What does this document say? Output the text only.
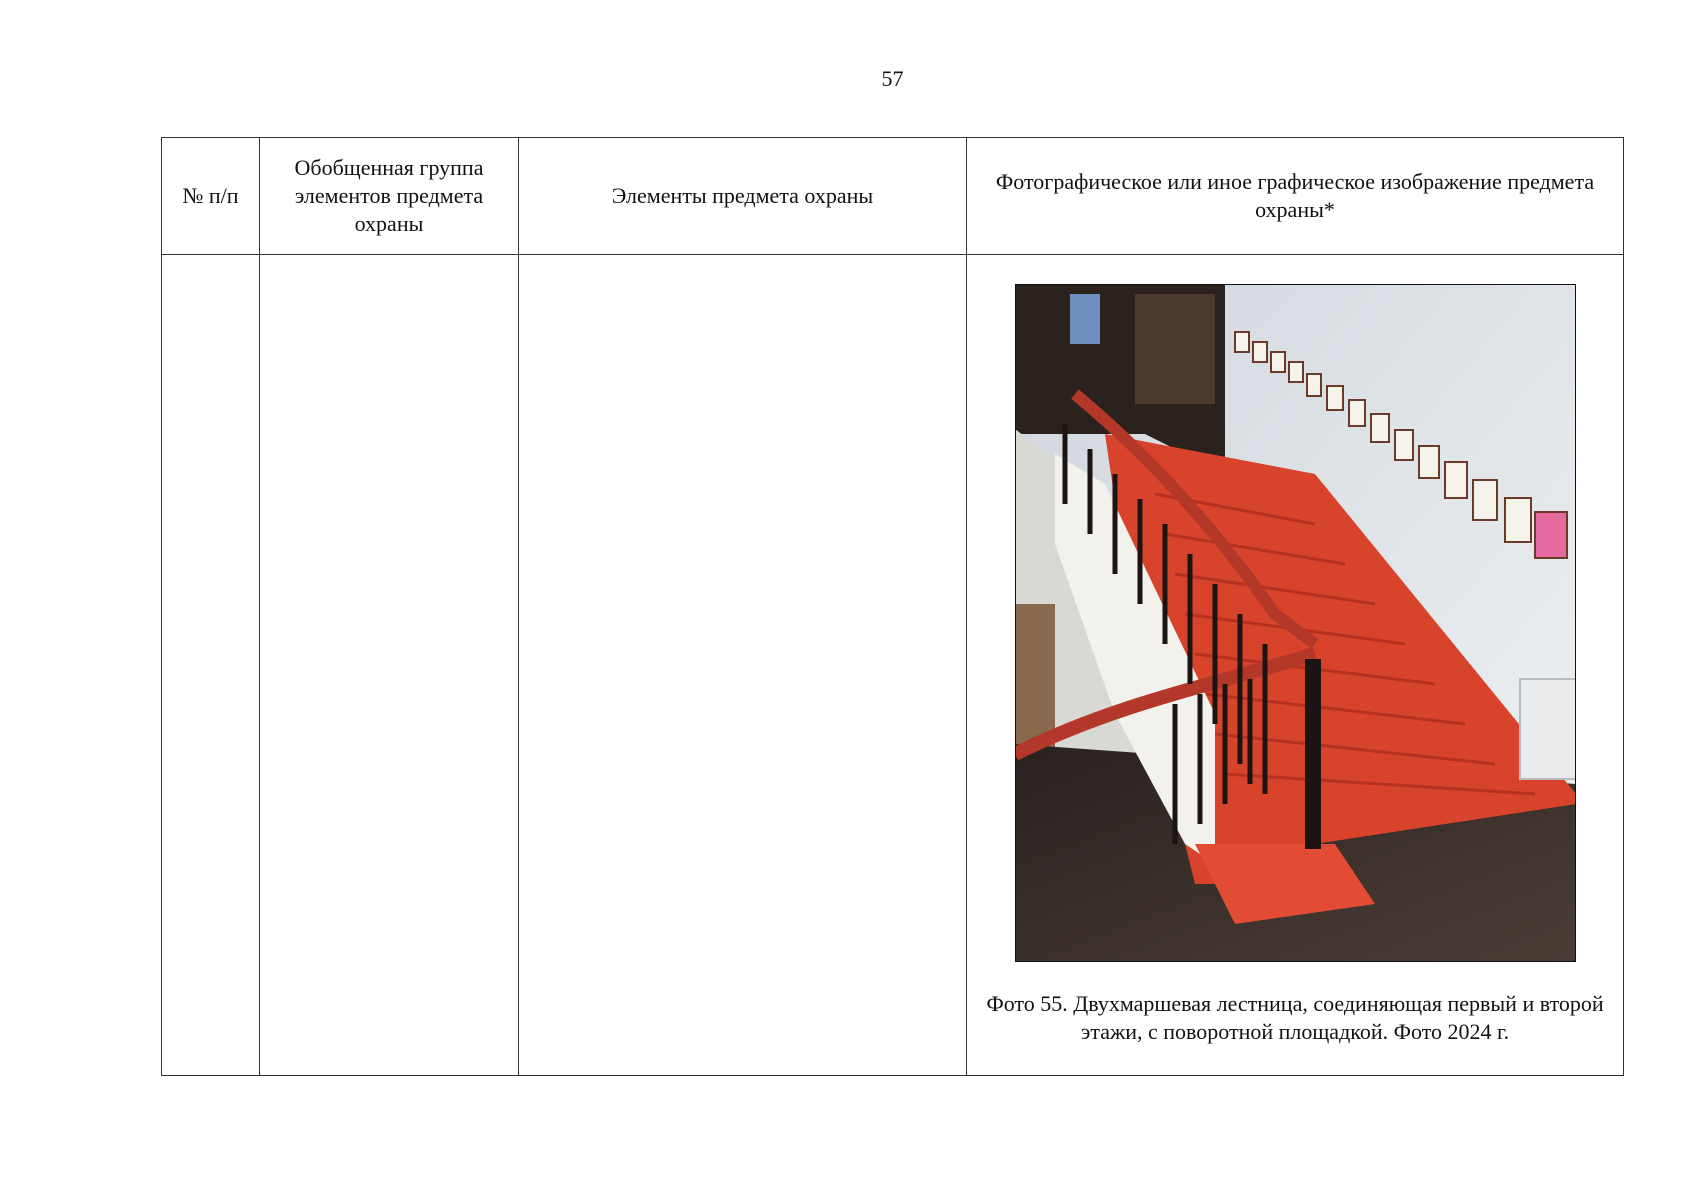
57
№ п/п	Обобщенная группа элементов предмета охраны	Элементы предмета охраны	Фотографическое или иное графическое изображение предмета охраны*

			Фото 55. Двухмаршевая лестница, соединяющая первый и второй этажи, с поворотной площадкой. Фото 2024 г.
